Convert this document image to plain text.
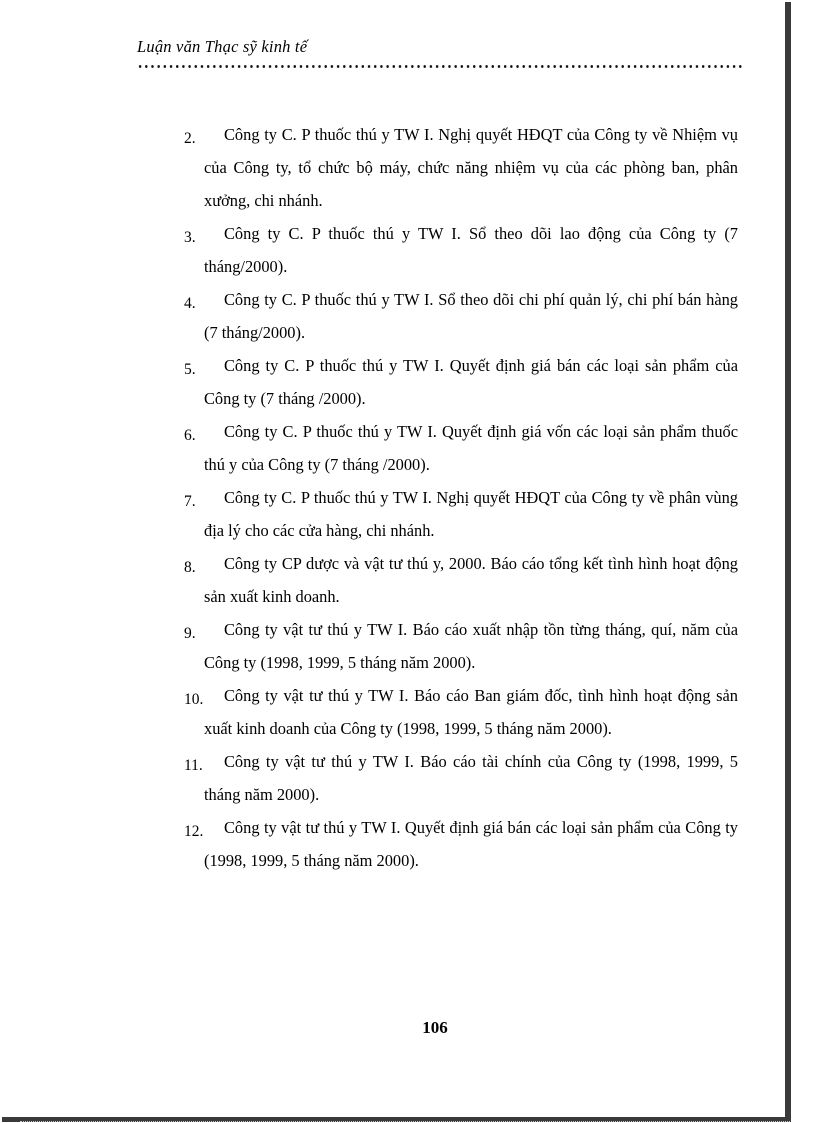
Luận văn Thạc sỹ kinh tế
2.	Công ty C. P thuốc thú y TW I. Nghị quyết HĐQT của Công ty về Nhiệm vụ của Công ty, tổ chức bộ máy, chức năng nhiệm vụ của các phòng ban, phân xưởng, chi nhánh.
3.	Công ty C. P thuốc thú y TW I. Sổ theo dõi lao động của Công ty (7 tháng/2000).
4.	Công ty C. P thuốc thú y TW I. Sổ theo dõi chi phí quản lý, chi phí bán hàng (7 tháng/2000).
5.	Công ty C. P thuốc thú y TW I. Quyết định giá bán các loại sản phẩm của Công ty (7 tháng /2000).
6.	Công ty C. P thuốc thú y TW I. Quyết định giá vốn các loại sản phẩm thuốc thú y của Công ty (7 tháng /2000).
7.	Công ty C. P thuốc thú y TW I. Nghị quyết HĐQT của Công ty về phân vùng địa lý cho các cửa hàng, chi nhánh.
8.	Công ty CP dược và vật tư thú y, 2000. Báo cáo tổng kết tình hình hoạt động sản xuất kinh doanh.
9.	Công ty vật tư thú y TW I. Báo cáo xuất nhập tồn từng tháng, quí, năm của Công ty (1998, 1999, 5 tháng năm 2000).
10.	Công ty vật tư thú y TW I. Báo cáo Ban giám đốc, tình hình hoạt động sản xuất kinh doanh của Công ty (1998, 1999, 5 tháng năm 2000).
11.	Công ty vật tư thú y TW I. Báo cáo tài chính của Công ty (1998, 1999, 5 tháng năm 2000).
12.	Công ty vật tư thú y TW I. Quyết định giá bán các loại sản phẩm của Công ty (1998, 1999, 5 tháng năm 2000).
106
